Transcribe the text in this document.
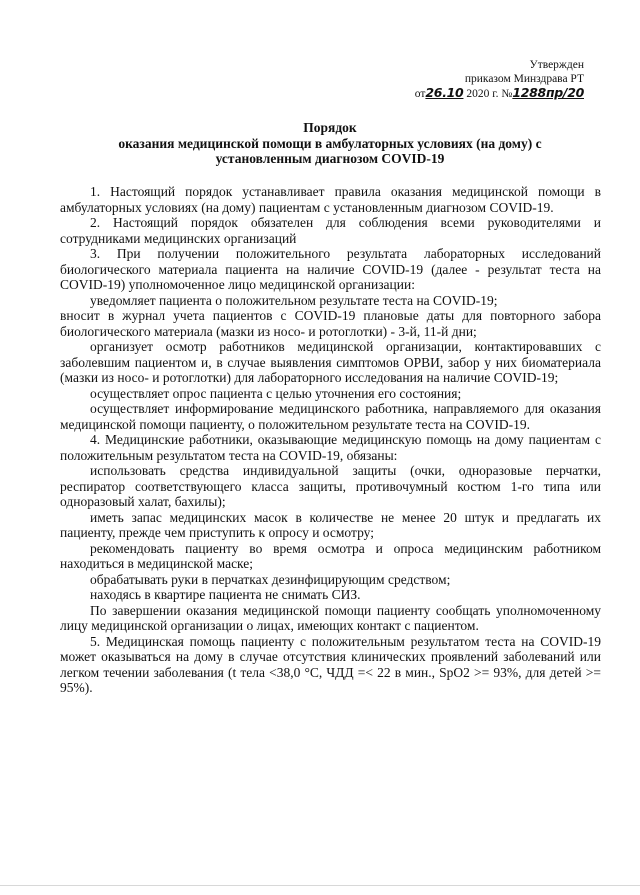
Утвержден
приказом Минздрава РТ
от26.10 2020 г. №1288пр/20
Порядок
оказания медицинской помощи в амбулаторных условиях (на дому) с
установленным диагнозом COVID-19

1. Настоящий порядок устанавливает правила оказания медицинской помощи в амбулаторных условиях (на дому) пациентам с установленным диагнозом COVID-19.

2. Настоящий порядок обязателен для соблюдения всеми руководителями и сотрудниками медицинских организаций

3. При получении положительного результата лабораторных исследований биологического материала пациента на наличие COVID-19 (далее - результат теста на COVID-19) уполномоченное лицо медицинской организации:

уведомляет пациента о положительном результате теста на COVID-19;

вносит в журнал учета пациентов с COVID-19 плановые даты для повторного забора биологического материала (мазки из носо- и ротоглотки) - 3-й, 11-й дни;

организует осмотр работников медицинской организации, контактировавших с заболевшим пациентом и, в случае выявления симптомов ОРВИ, забор у них биоматериала (мазки из носо- и ротоглотки) для лабораторного исследования на наличие COVID-19;

осуществляет опрос пациента с целью уточнения его состояния;

осуществляет информирование медицинского работника, направляемого для оказания медицинской помощи пациенту, о положительном результате теста на COVID-19.

4. Медицинские работники, оказывающие медицинскую помощь на дому пациентам с положительным результатом теста на COVID-19, обязаны:

использовать средства индивидуальной защиты (очки, одноразовые перчатки, респиратор соответствующего класса защиты, противочумный костюм 1-го типа или одноразовый халат, бахилы);

иметь запас медицинских масок в количестве не менее 20 штук и предлагать их пациенту, прежде чем приступить к опросу и осмотру;

рекомендовать пациенту во время осмотра и опроса медицинским работником находиться в медицинской маске;

обрабатывать руки в перчатках дезинфицирующим средством;

находясь в квартире пациента не снимать СИЗ.

По завершении оказания медицинской помощи пациенту сообщать уполномоченному лицу медицинской организации о лицах, имеющих контакт с пациентом.

5. Медицинская помощь пациенту с положительным результатом теста на COVID-19 может оказываться на дому в случае отсутствия клинических проявлений заболеваний или легком течении заболевания (t тела <38,0 °С, ЧДД =< 22 в мин., SpO2 >= 93%, для детей >= 95%).
